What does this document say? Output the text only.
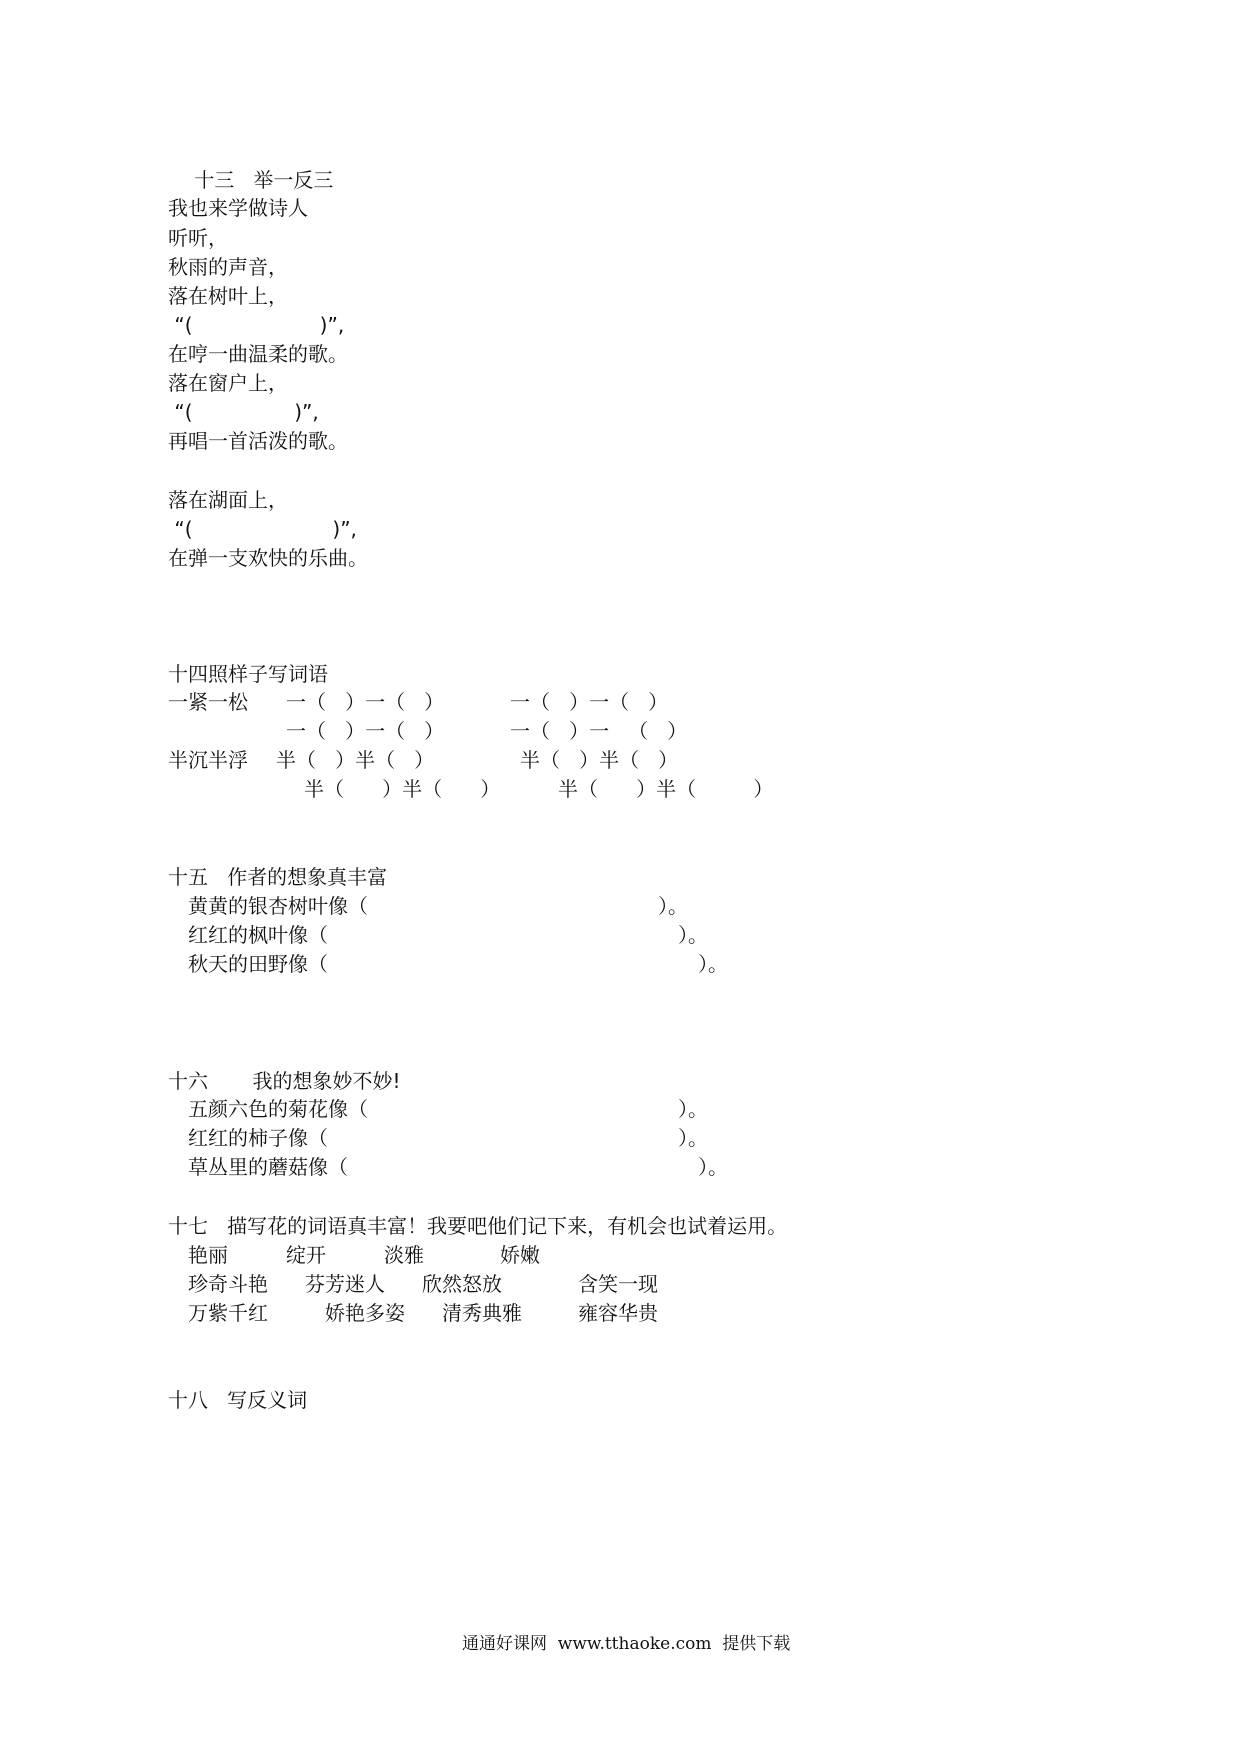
十三   举一反三
我也来学做诗人
听听，
秋雨的声音，
落在树叶上，
“(                    )”,
在哼一曲温柔的歌。
落在窗户上，
“(                )”,
再唱一首活泼的歌。
落在湖面上，
“(                      )”,
在弹一支欢快的乐曲。
十四照样子写词语
一紧一松 一（   ）一（   ）	一（   ）一（   ）
一（   ）一（   ）	一（   ）一   （   ）
半沉半浮 半（   ）半（   ）	半（   ）半（   ）
半（      ）半（      ）	半（      ）半（         ）
十五   作者的想象真丰富
黄黄的银杏树叶像（	）。
红红的枫叶像（	）。
秋天的田野像（	）。
十六       我的想象妙不妙!
五颜六色的菊花像（	）。
红红的柿子像（	）。
草丛里的蘑菇像（	）。
十七   描写花的词语真丰富！我要吧他们记下来，有机会也试着运用。
艳丽	绽开	淡雅	娇嫩
珍奇斗艳 芬芳迷人 欣然怒放	含笑一现
万紫千红	娇艳多姿 清秀典雅	雍容华贵
十八   写反义词
通通好课网  www.tthaoke.com  提供下载
